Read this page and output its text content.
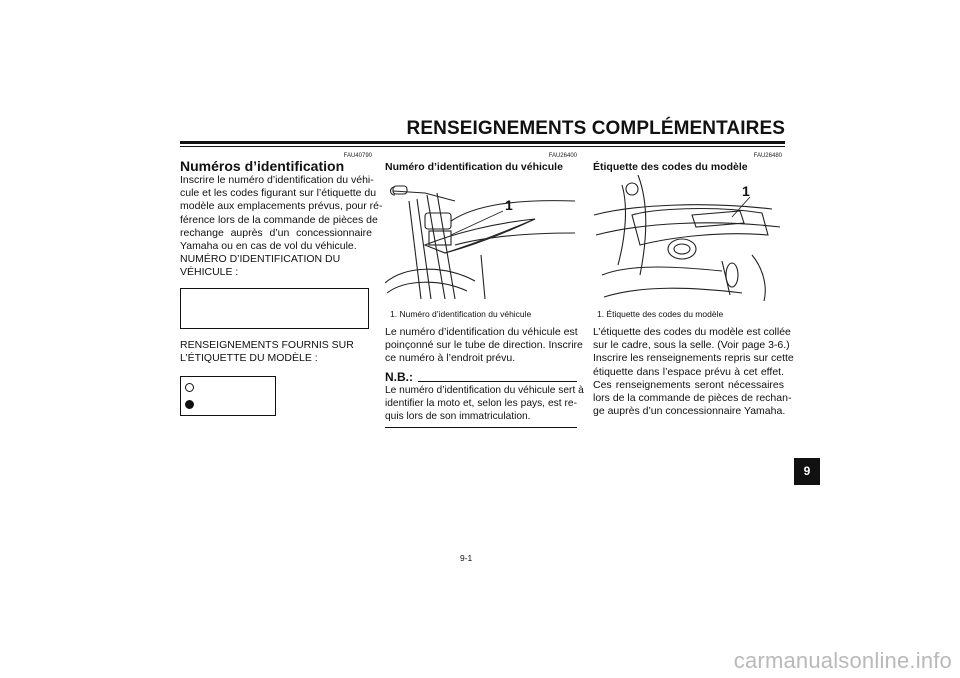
RENSEIGNEMENTS COMPLÉMENTAIRES
FAU40790
Numéros d’identification
Inscrire le numéro d’identification du véhi-
cule et les codes figurant sur l’étiquette du
modèle aux emplacements prévus, pour ré-
férence lors de la commande de pièces de
rechange auprès d’un concessionnaire
Yamaha ou en cas de vol du véhicule.
NUMÉRO D’IDENTIFICATION DU
VÉHICULE :
RENSEIGNEMENTS FOURNIS SUR
L’ÉTIQUETTE DU MODÈLE :
FAU26400
Numéro d’identification du véhicule
1
1. Numéro d’identification du véhicule
Le numéro d’identification du véhicule est
poinçonné sur le tube de direction. Inscrire
ce numéro à l’endroit prévu.
N.B.:
Le numéro d’identification du véhicule sert à
identifier la moto et, selon les pays, est re-
quis lors de son immatriculation.
FAU26480
Étiquette des codes du modèle
1
1. Étiquette des codes du modèle
L’étiquette des codes du modèle est collée
sur le cadre, sous la selle. (Voir page 3-6.)
Inscrire les renseignements repris sur cette
étiquette dans l’espace prévu à cet effet.
Ces renseignements seront nécessaires
lors de la commande de pièces de rechan-
ge auprès d’un concessionnaire Yamaha.
9
9-1
carmanualsonline.info
